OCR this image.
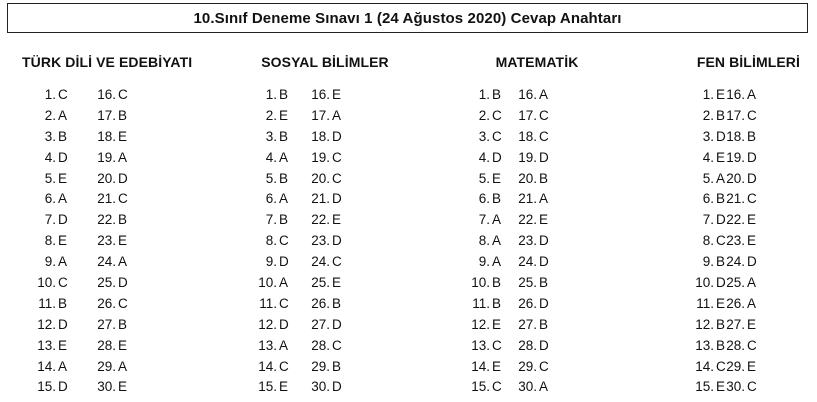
10.Sınıf Deneme Sınavı 1 (24 Ağustos 2020) Cevap Anahtarı
TÜRK DİLİ VE EDEBİYATI
1. C	16. C
2. A	17. B
3. B	18. E
4. D	19. A
5. E	20. D
6. A	21. C
7. D	22. B
8. E	23. E
9. A	24. A
10. C	25. D
11. B	26. C
12. D	27. B
13. E	28. E
14. A	29. A
15. D	30. E
SOSYAL BİLİMLER
1. B	16. E
2. E	17. A
3. B	18. D
4. A	19. C
5. B	20. C
6. A	21. D
7. B	22. E
8. C	23. D
9. D	24. C
10. A	25. E
11. C	26. B
12. D	27. D
13. A	28. C
14. C	29. B
15. E	30. D
MATEMATİK
1. B	16. A
2. C	17. C
3. C	18. C
4. D	19. D
5. E	20. B
6. B	21. A
7. A	22. E
8. A	23. D
9. A	24. D
10. B	25. B
11. B	26. D
12. E	27. B
13. C	28. D
14. E	29. C
15. C	30. A
FEN BİLİMLERİ
1. E 16. A
2. B 17. C
3. D 18. B
4. E 19. D
5. A 20. D
6. B 21. C
7. D 22. E
8. C 23. E
9. B 24. D
10. D 25. A
11. E 26. A
12. B 27. E
13. B 28. C
14. C 29. E
15. E 30. C
